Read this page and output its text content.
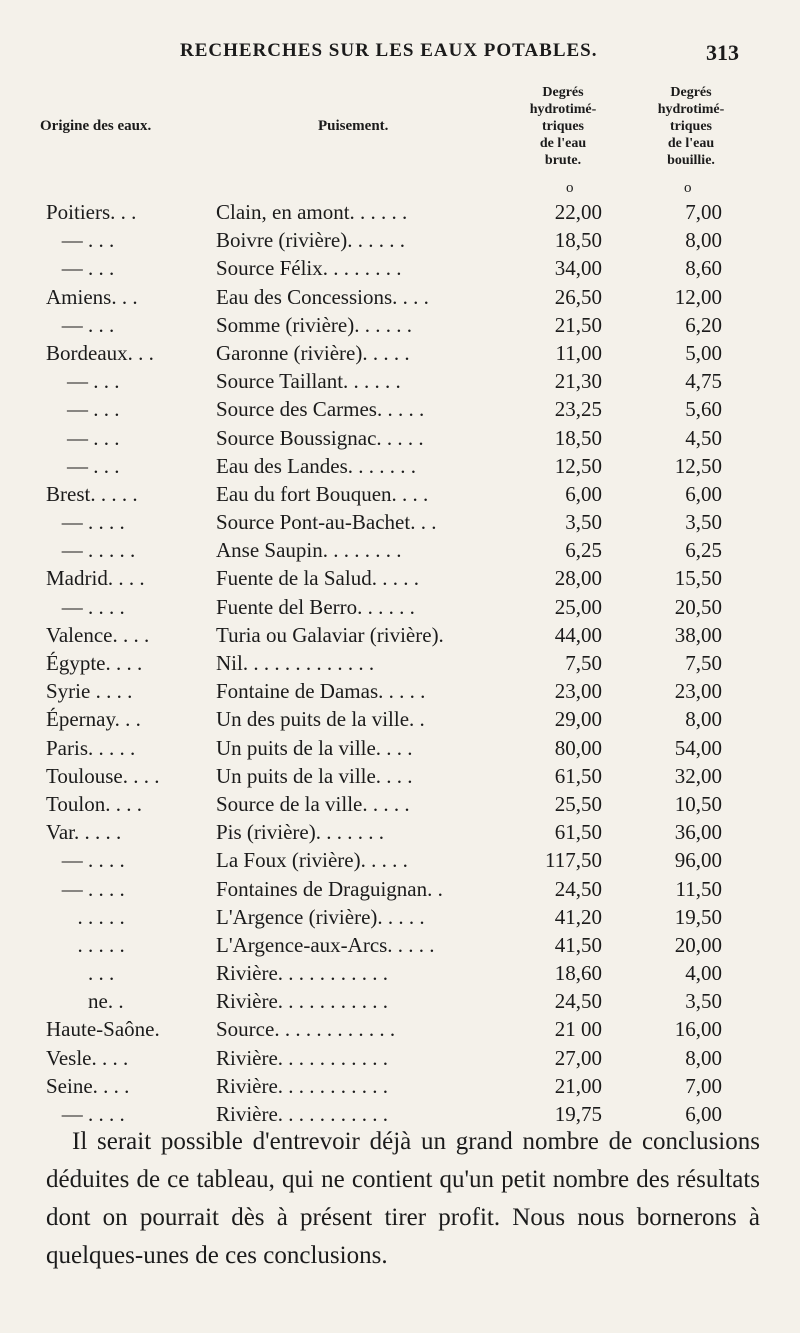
RECHERCHES SUR LES EAUX POTABLES.	313
Origine des eaux.	Puisement.
Degrés
hydrotimé-
triques
de l'eau
brute.
Degrés
hydrotimé-
triques
de l'eau
bouillie.
o	o
Poitiers. . .	Clain, en amont. . . . . .	22,00	7,00
— . . .	Boivre (rivière). . . . . .	18,50	8,00
— . . .	Source Félix. . . . . . . .	34,00	8,60
Amiens. . .	Eau des Concessions. . . .	26,50	12,00
— . . .	Somme (rivière). . . . . .	21,50	6,20
Bordeaux. . .	Garonne (rivière). . . . .	11,00	5,00
— . . .	Source Taillant. . . . . .	21,30	4,75
— . . .	Source des Carmes. . . . .	23,25	5,60
— . . .	Source Boussignac. . . . .	18,50	4,50
— . . .	Eau des Landes. . . . . . .	12,50	12,50
Brest. . . . .	Eau du fort Bouquen. . . .	6,00	6,00
— . . . .	Source Pont-au-Bachet. . .	3,50	3,50
— . . . . .	Anse Saupin. . . . . . . .	6,25	6,25
Madrid. . . .	Fuente de la Salud. . . . .	28,00	15,50
— . . . .	Fuente del Berro. . . . . .	25,00	20,50
Valence. . . .	Turia ou Galaviar (rivière).	44,00	38,00
Égypte. . . .	Nil. . . . . . . . . . . . .	7,50	7,50
Syrie . . . .	Fontaine de Damas. . . . .	23,00	23,00
Épernay. . .	Un des puits de la ville. .	29,00	8,00
Paris. . . . .	Un puits de la ville. . . .	80,00	54,00
Toulouse. . . .	Un puits de la ville. . . .	61,50	32,00
Toulon. . . .	Source de la ville. . . . .	25,50	10,50
Var. . . . .	Pis (rivière). . . . . . .	61,50	36,00
— . . . .	La Foux (rivière). . . . .	117,50	96,00
— . . . .	Fontaines de Draguignan. .	24,50	11,50
. . . . .	L'Argence (rivière). . . . .	41,20	19,50
. . . . .	L'Argence-aux-Arcs. . . . .	41,50	20,00
. . .	Rivière. . . . . . . . . . .	18,60	4,00
ne. .	Rivière. . . . . . . . . . .	24,50	3,50
Haute-Saône.	Source. . . . . . . . . . . .	21 00	16,00
Vesle. . . .	Rivière. . . . . . . . . . .	27,00	8,00
Seine. . . .	Rivière. . . . . . . . . . .	21,00	7,00
— . . . .	Rivière. . . . . . . . . . .	19,75	6,00
Il serait possible d'entrevoir déjà un grand nombre de conclusions déduites de ce tableau, qui ne contient qu'un petit nombre des résultats dont on pourrait dès à présent tirer profit. Nous nous bornerons à quelques-unes de ces conclusions.
